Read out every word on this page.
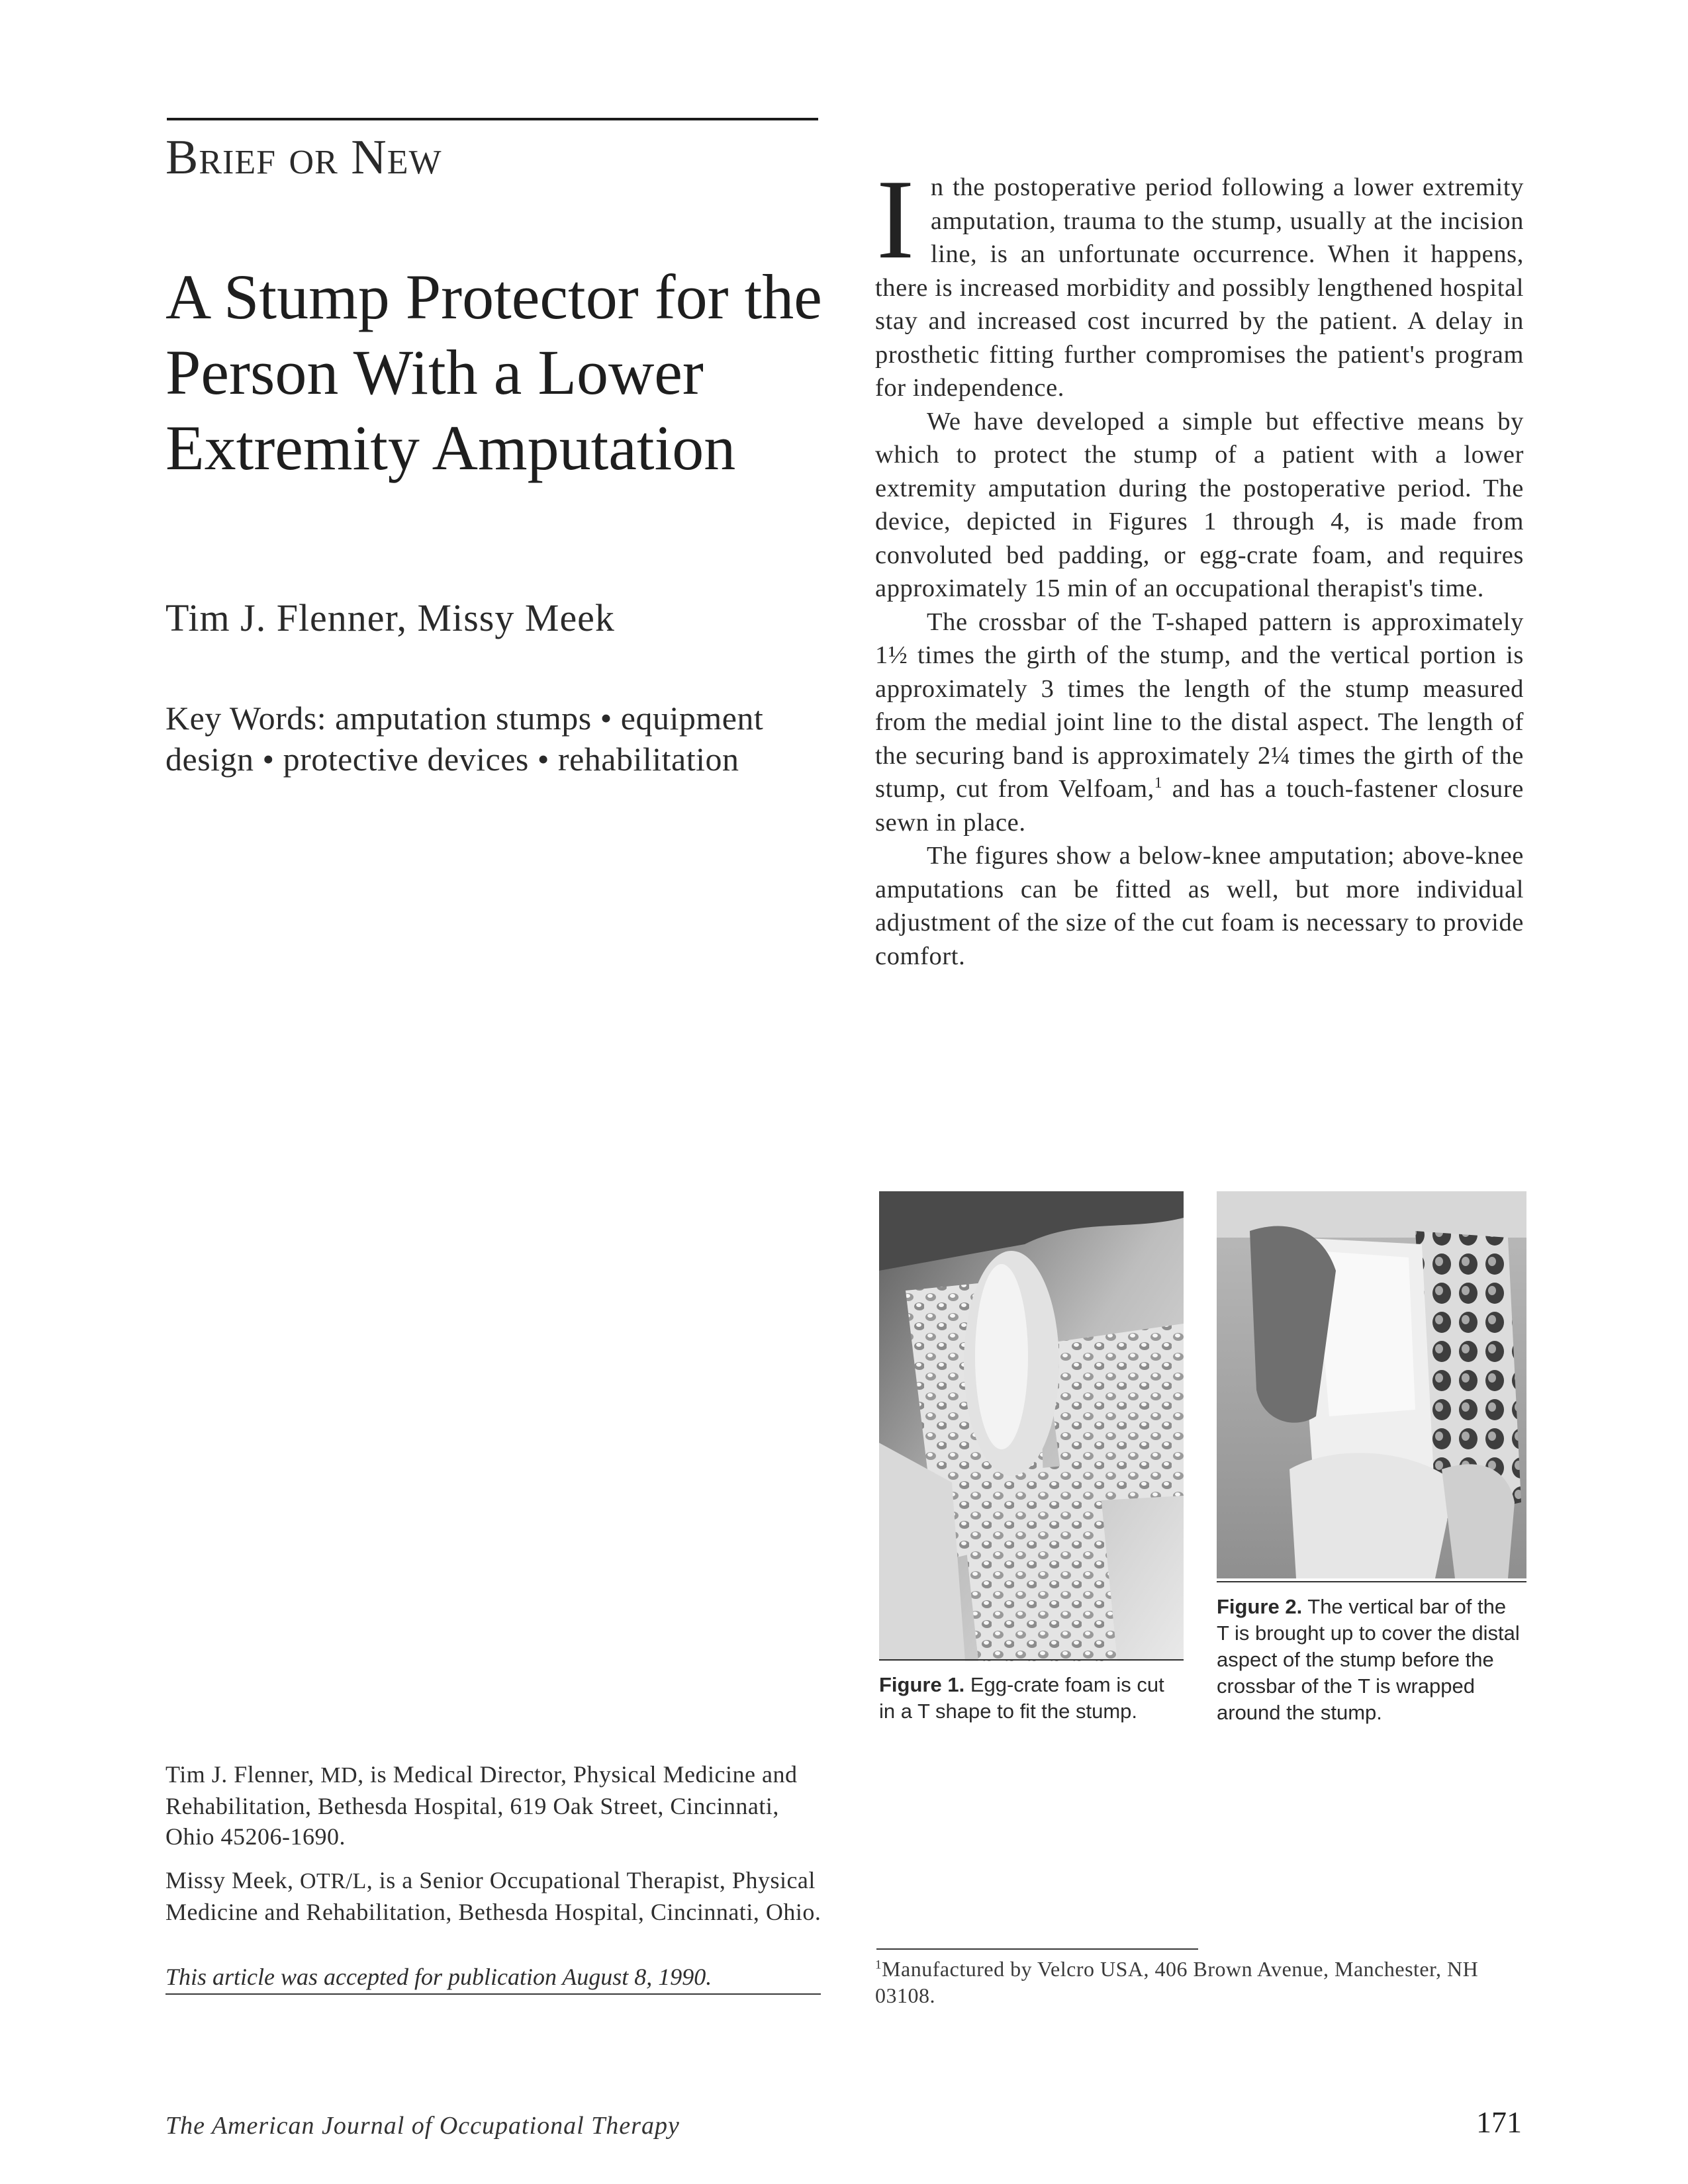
Brief or New
A Stump Protector for the Person With a Lower Extremity Amputation
Tim J. Flenner, Missy Meek
Key Words: amputation stumps • equipment design • protective devices • rehabilitation

Tim J. Flenner, MD, is Medical Director, Physical Medicine and Rehabilitation, Bethesda Hospital, 619 Oak Street, Cincinnati, Ohio 45206-1690.

Missy Meek, OTR/L, is a Senior Occupational Therapist, Physical Medicine and Rehabilitation, Bethesda Hospital, Cincinnati, Ohio.

This article was accepted for publication August 8, 1990.
The American Journal of Occupational Therapy	171

In the postoperative period following a lower extremity amputation, trauma to the stump, usually at the incision line, is an unfortunate occurrence. When it happens, there is increased morbidity and possibly lengthened hospital stay and increased cost incurred by the patient. A delay in prosthetic fitting further compromises the patient's program for independence.

We have developed a simple but effective means by which to protect the stump of a patient with a lower extremity amputation during the postoperative period. The device, depicted in Figures 1 through 4, is made from convoluted bed padding, or egg-crate foam, and requires approximately 15 min of an occupational therapist's time.

The crossbar of the T-shaped pattern is approximately 1½ times the girth of the stump, and the vertical portion is approximately 3 times the length of the stump measured from the medial joint line to the distal aspect. The length of the securing band is approximately 2¼ times the girth of the stump, cut from Velfoam,$^1$ and has a touch-fastener closure sewn in place.

The figures show a below-knee amputation; above-knee amputations can be fitted as well, but more individual adjustment of the size of the cut foam is necessary to provide comfort.

Figure 1. Egg-crate foam is cut in a T shape to fit the stump.
Figure 2. The vertical bar of the T is brought up to cover the distal aspect of the stump before the crossbar of the T is wrapped around the stump.
$^1$Manufactured by Velcro USA, 406 Brown Avenue, Manchester, NH 03108.
